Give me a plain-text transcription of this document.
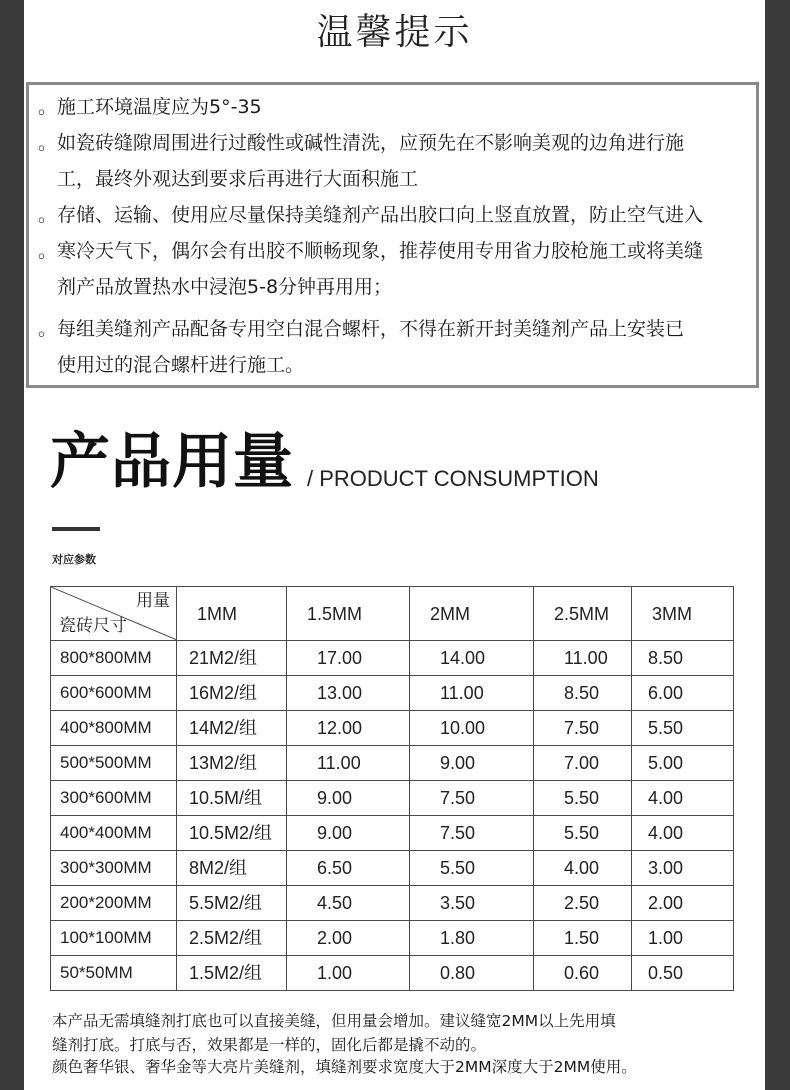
温馨提示
。 施工环境温度应为5°-35
。 如瓷砖缝隙周围进行过酸性或碱性清洗，应预先在不影响美观的边角进行施
工，最终外观达到要求后再进行大面积施工
。 存储、运输、使用应尽量保持美缝剂产品出胶口向上竖直放置，防止空气进入
。 寒冷天气下，偶尔会有出胶不顺畅现象，推荐使用专用省力胶枪施工或将美缝
剂产品放置热水中浸泡5-8分钟再用用；
。 每组美缝剂产品配备专用空白混合螺杆，不得在新开封美缝剂产品上安装已
使用过的混合螺杆进行施工。
产品用量 / PRODUCT CONSUMPTION
对应参数
用量
瓷砖尺寸	1MM	1.5MM	2MM	2.5MM	3MM
800*800MM	21M2/组	17.00	14.00	11.00	8.50
600*600MM	16M2/组	13.00	11.00	8.50	6.00
400*800MM	14M2/组	12.00	10.00	7.50	5.50
500*500MM	13M2/组	11.00	9.00	7.00	5.00
300*600MM	10.5M/组	9.00	7.50	5.50	4.00
400*400MM	10.5M2/组	9.00	7.50	5.50	4.00
300*300MM	8M2/组	6.50	5.50	4.00	3.00
200*200MM	5.5M2/组	4.50	3.50	2.50	2.00
100*100MM	2.5M2/组	2.00	1.80	1.50	1.00
50*50MM	1.5M2/组	1.00	0.80	0.60	0.50
本产品无需填缝剂打底也可以直接美缝，但用量会增加。建议缝宽2MM以上先用填
缝剂打底。打底与否，效果都是一样的，固化后都是撬不动的。
颜色奢华银、奢华金等大亮片美缝剂，填缝剂要求宽度大于2MM深度大于2MM使用。
